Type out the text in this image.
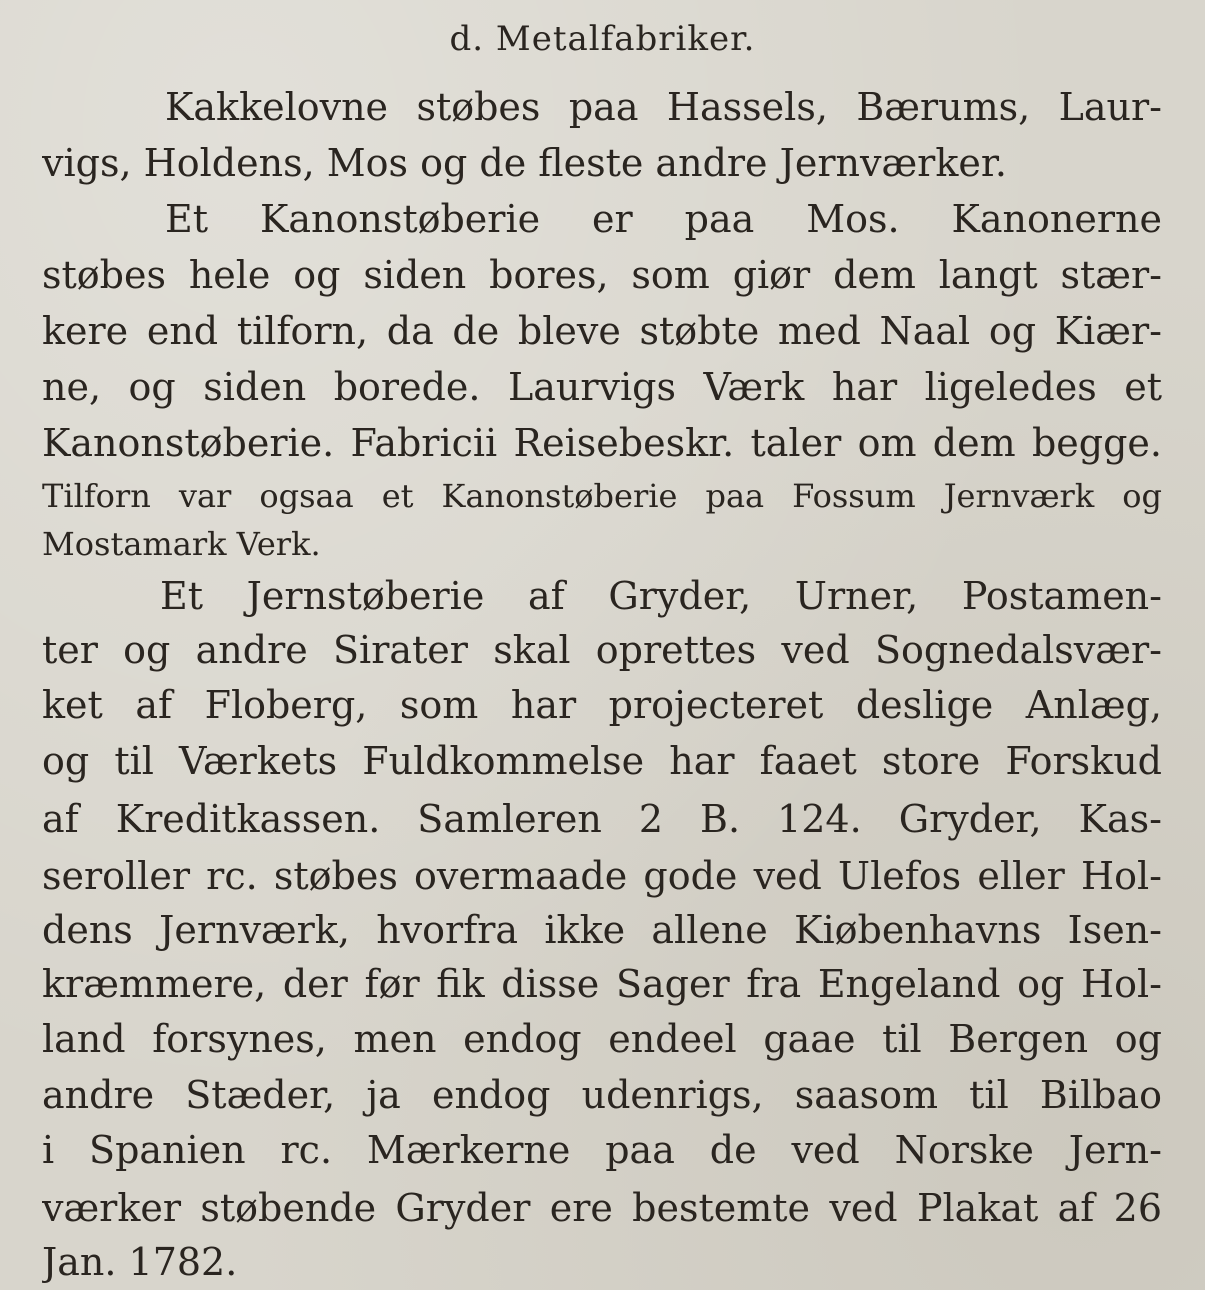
d. Metalfabriker.
Kakkelovne støbes paa Hassels, Bærums, Laur-
vigs, Holdens, Mos og de fleste andre Jernværker.
Et Kanonstøberie er paa Mos. Kanonerne
støbes hele og siden bores, som giør dem langt stær-
kere end tilforn, da de bleve støbte med Naal og Kiær-
ne, og siden borede. Laurvigs Værk har ligeledes et
Kanonstøberie. Fabricii Reisebeskr. taler om dem begge.
Tilforn var ogsaa et Kanonstøberie paa Fossum Jernværk og
Mostamark Verk.
Et Jernstøberie af Gryder, Urner, Postamen-
ter og andre Sirater skal oprettes ved Sognedalsvær-
ket af Floberg, som har projecteret deslige Anlæg,
og til Værkets Fuldkommelse har faaet store Forskud
af Kreditkassen. Samleren 2 B. 124. Gryder, Kas-
seroller rc. støbes overmaade gode ved Ulefos eller Hol-
dens Jernværk, hvorfra ikke allene Kiøbenhavns Isen-
kræmmere, der før fik disse Sager fra Engeland og Hol-
land forsynes, men endog endeel gaae til Bergen og
andre Stæder, ja endog udenrigs, saasom til Bilbao
i Spanien rc. Mærkerne paa de ved Norske Jern-
værker støbende Gryder ere bestemte ved Plakat af 26
Jan. 1782.
